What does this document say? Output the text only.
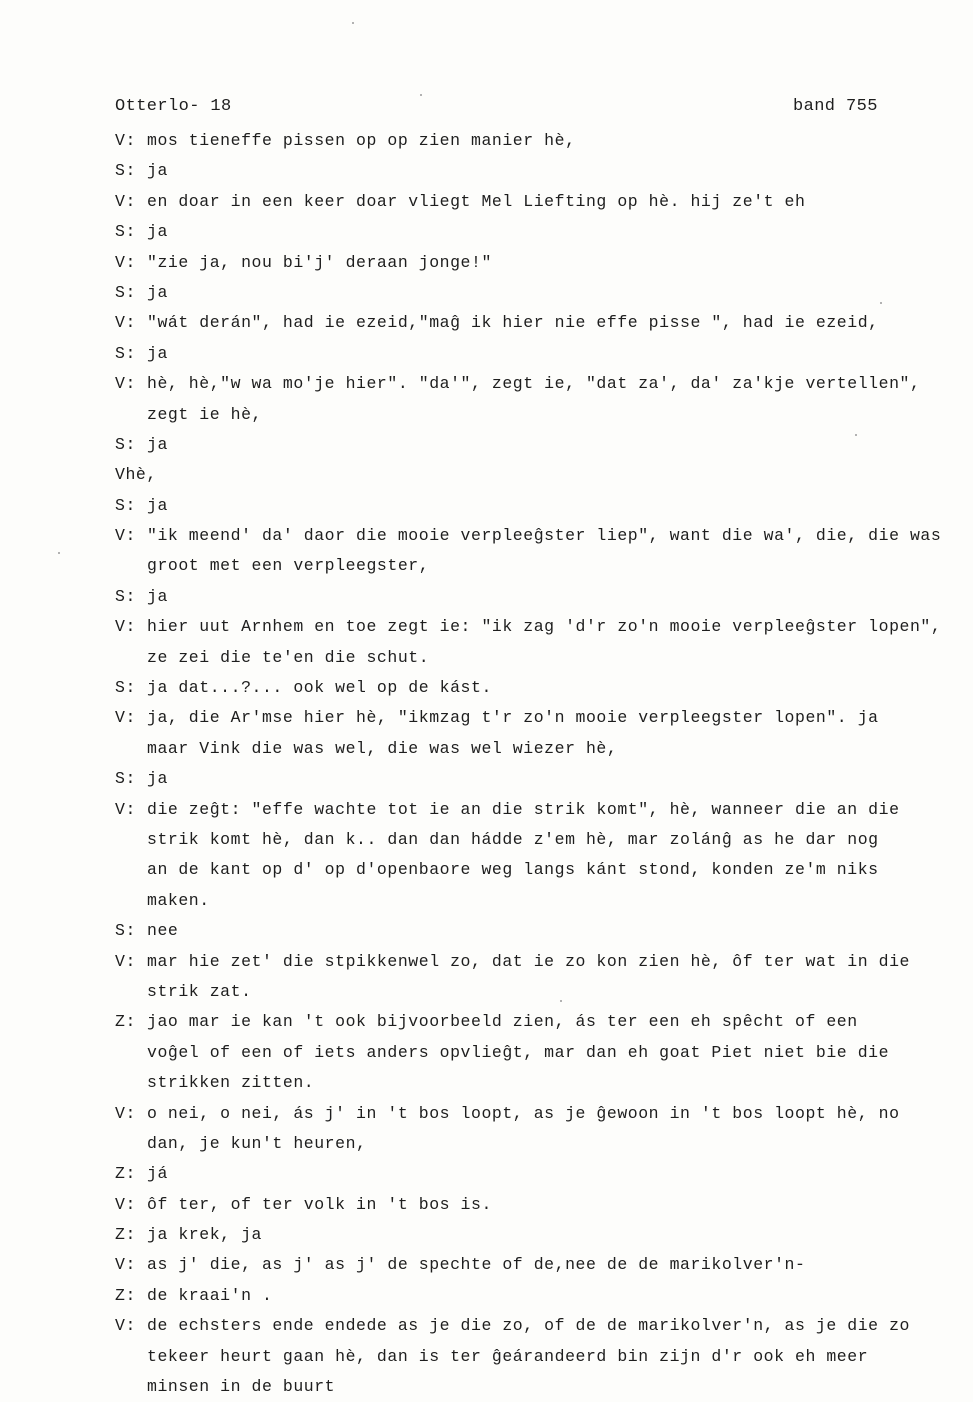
Otterlo- 18	band 755
V: mos tieneffe pissen op op zien manier hè,
S: ja
V: en doar in een keer doar vliegt Mel Liefting op hè. hij ze't eh
S: ja
V: "zie ja, nou bi'j' deraan jonge!"
S: ja
V: "wát derán", had ie ezeid,"maĝ ik hier nie effe pisse ", had ie ezeid,
S: ja
V: hè, hè,"w wa mo'je hier". "da'", zegt ie, "dat za', da' za'kje vertellen",
zegt ie hè,
S: ja
Vhè,
S: ja
V: "ik meend' da' daor die mooie verpleeĝster liep", want die wa', die, die was
groot met een verpleegster,
S: ja
V: hier uut Arnhem en toe zegt ie: "ik zag 'd'r zo'n mooie verpleeĝster lopen",
ze zei die te'en die schut.
S: ja dat...?... ook wel op de kást.
V: ja, die Ar'mse hier hè, "ikmzag t'r zo'n mooie verpleegster lopen". ja
maar Vink die was wel, die was wel wiezer hè,
S: ja
V: die zeĝt: "effe wachte tot ie an die strik komt", hè, wanneer die an die
strik komt hè, dan k.. dan dan hádde z'em hè, mar zolánĝ as he dar nog
an de kant op d' op d'openbaore weg langs kánt stond, konden ze'm niks
maken.
S: nee
V: mar hie zet' die stpikkenwel zo, dat ie zo kon zien hè, ôf ter wat in die
strik zat.
Z: jao mar ie kan 't ook bijvoorbeeld zien, ás ter een eh spêcht of een
voĝel of een of iets anders opvlieĝt, mar dan eh goat Piet niet bie die
strikken zitten.
V: o nei, o nei, ás j' in 't bos loopt, as je ĝewoon in 't bos loopt hè, no
dan, je kun't heuren,
Z: já
V: ôf ter, of ter volk in 't bos is.
Z: ja krek, ja
V: as j' die, as j' as j' de spechte of de,nee de de marikolver'n-
Z: de kraai'n .
V: de echsters ende endede as je die zo, of de de marikolver'n, as je die zo
tekeer heurt gaan hè, dan is ter ĝeárandeerd bin zijn d'r ook eh meer
minsen in de buurt
